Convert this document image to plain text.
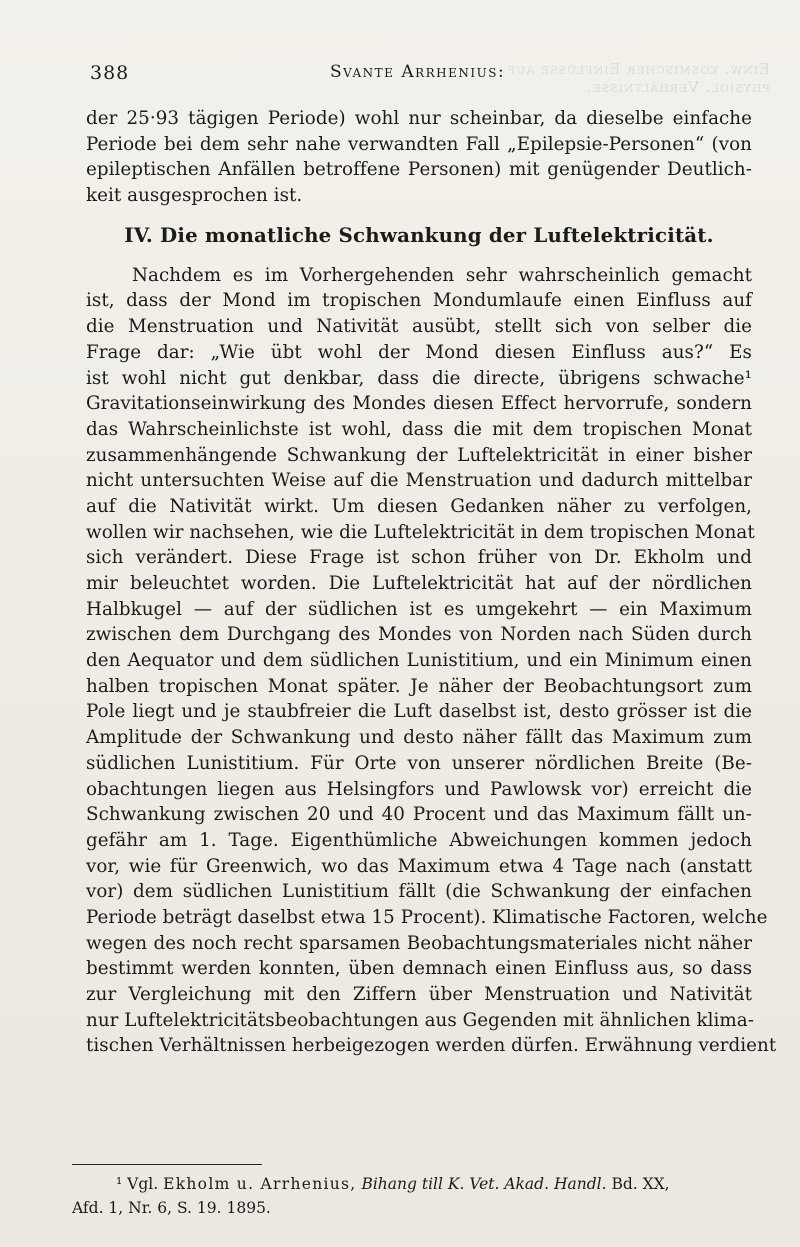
Einw. kosmischer Einflüsse auf physiol. Verhältnisse.
388	Svante Arrhenius:
der 25·93 tägigen Periode) wohl nur scheinbar, da dieselbe einfache
Periode bei dem sehr nahe verwandten Fall „Epilepsie-Personen“ (von
epileptischen Anfällen betroffene Personen) mit genügender Deutlich-
keit ausgesprochen ist.
IV. Die monatliche Schwankung der Luftelektricität.
Nachdem es im Vorhergehenden sehr wahrscheinlich gemacht
ist, dass der Mond im tropischen Mondumlaufe einen Einfluss auf
die Menstruation und Nativität ausübt, stellt sich von selber die
Frage dar: „Wie übt wohl der Mond diesen Einfluss aus?“ Es
ist wohl nicht gut denkbar, dass die directe, übrigens schwache¹
Gravitationseinwirkung des Mondes diesen Effect hervorrufe, sondern
das Wahrscheinlichste ist wohl, dass die mit dem tropischen Monat
zusammenhängende Schwankung der Luftelektricität in einer bisher
nicht untersuchten Weise auf die Menstruation und dadurch mittelbar
auf die Nativität wirkt. Um diesen Gedanken näher zu verfolgen,
wollen wir nachsehen, wie die Luftelektricität in dem tropischen Monat
sich verändert. Diese Frage ist schon früher von Dr. Ekholm und
mir beleuchtet worden. Die Luftelektricität hat auf der nördlichen
Halbkugel — auf der südlichen ist es umgekehrt — ein Maximum
zwischen dem Durchgang des Mondes von Norden nach Süden durch
den Aequator und dem südlichen Lunistitium, und ein Minimum einen
halben tropischen Monat später. Je näher der Beobachtungsort zum
Pole liegt und je staubfreier die Luft daselbst ist, desto grösser ist die
Amplitude der Schwankung und desto näher fällt das Maximum zum
südlichen Lunistitium. Für Orte von unserer nördlichen Breite (Be-
obachtungen liegen aus Helsingfors und Pawlowsk vor) erreicht die
Schwankung zwischen 20 und 40 Procent und das Maximum fällt un-
gefähr am 1. Tage. Eigenthümliche Abweichungen kommen jedoch
vor, wie für Greenwich, wo das Maximum etwa 4 Tage nach (anstatt
vor) dem südlichen Lunistitium fällt (die Schwankung der einfachen
Periode beträgt daselbst etwa 15 Procent). Klimatische Factoren, welche
wegen des noch recht sparsamen Beobachtungsmateriales nicht näher
bestimmt werden konnten, üben demnach einen Einfluss aus, so dass
zur Vergleichung mit den Ziffern über Menstruation und Nativität
nur Luftelektricitätsbeobachtungen aus Gegenden mit ähnlichen klima-
tischen Verhältnissen herbeigezogen werden dürfen. Erwähnung verdient
¹ Vgl. Ekholm u. Arrhenius, Bihang till K. Vet. Akad. Handl. Bd. XX,
Afd. 1, Nr. 6, S. 19. 1895.
